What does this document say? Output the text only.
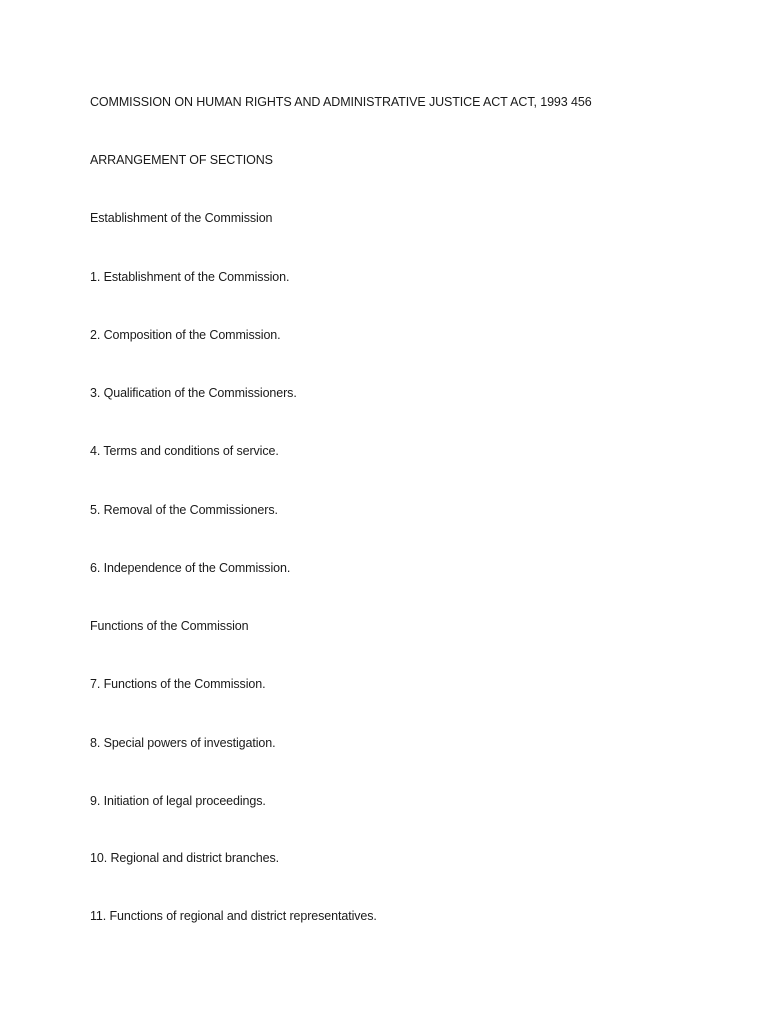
COMMISSION ON HUMAN RIGHTS AND ADMINISTRATIVE JUSTICE ACT ACT, 1993 456

ARRANGEMENT OF SECTIONS

Establishment of the Commission

1. Establishment of the Commission.

2. Composition of the Commission.

3. Qualification of the Commissioners.

4. Terms and conditions of service.

5. Removal of the Commissioners.

6. Independence of the Commission.

Functions of the Commission

7. Functions of the Commission.

8. Special powers of investigation.

9. Initiation of legal proceedings.

10. Regional and district branches.

11. Functions of regional and district representatives.
